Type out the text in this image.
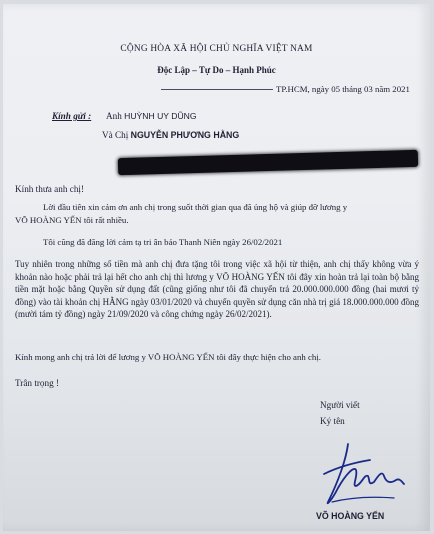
CỘNG HÒA XÃ HỘI CHỦ NGHĨA VIỆT NAM
Độc Lập – Tự Do – Hạnh Phúc
TP.HCM, ngày 05 tháng 03 năm 2021
Kính gửi : Anh HUỲNH UY DŨNG
Và Chị NGUYỄN PHƯƠNG HẰNG
Kính thưa anh chị!
Lời đầu tiên xin cảm ơn anh chị trong suốt thời gian qua đã ủng hộ và giúp đỡ lương y
VÕ HOÀNG YẾN tôi rất nhiều.
Tôi cũng đã đăng lời cảm tạ tri ân báo Thanh Niên ngày 26/02/2021
Tuy nhiên trong những số tiền mà anh chị đưa tặng tôi trong việc xã hội từ thiện, anh chị thấy không vừa ý khoản nào hoặc phải trả lại hết cho anh chị thì lương y VÕ HOÀNG YẾN tôi đây xin hoàn trả lại toàn bộ bằng tiền mặt hoặc bằng Quyền sử dụng đất (cũng giống như tôi đã chuyển trả 20.000.000.000 đồng (hai mươi tỷ đồng) vào tài khoản chị HẰNG ngày 03/01/2020 và chuyển quyền sử dụng căn nhà trị giá 18.000.000.000 đồng (mười tám tỷ đồng) ngày 21/09/2020 và công chứng ngày 26/02/2021).
Kính mong anh chị trả lời để lương y VÕ HOÀNG YẾN tôi đây thực hiện cho anh chị.
Trân trọng !
Người viết
Ký tên
VÕ HOÀNG YẾN
